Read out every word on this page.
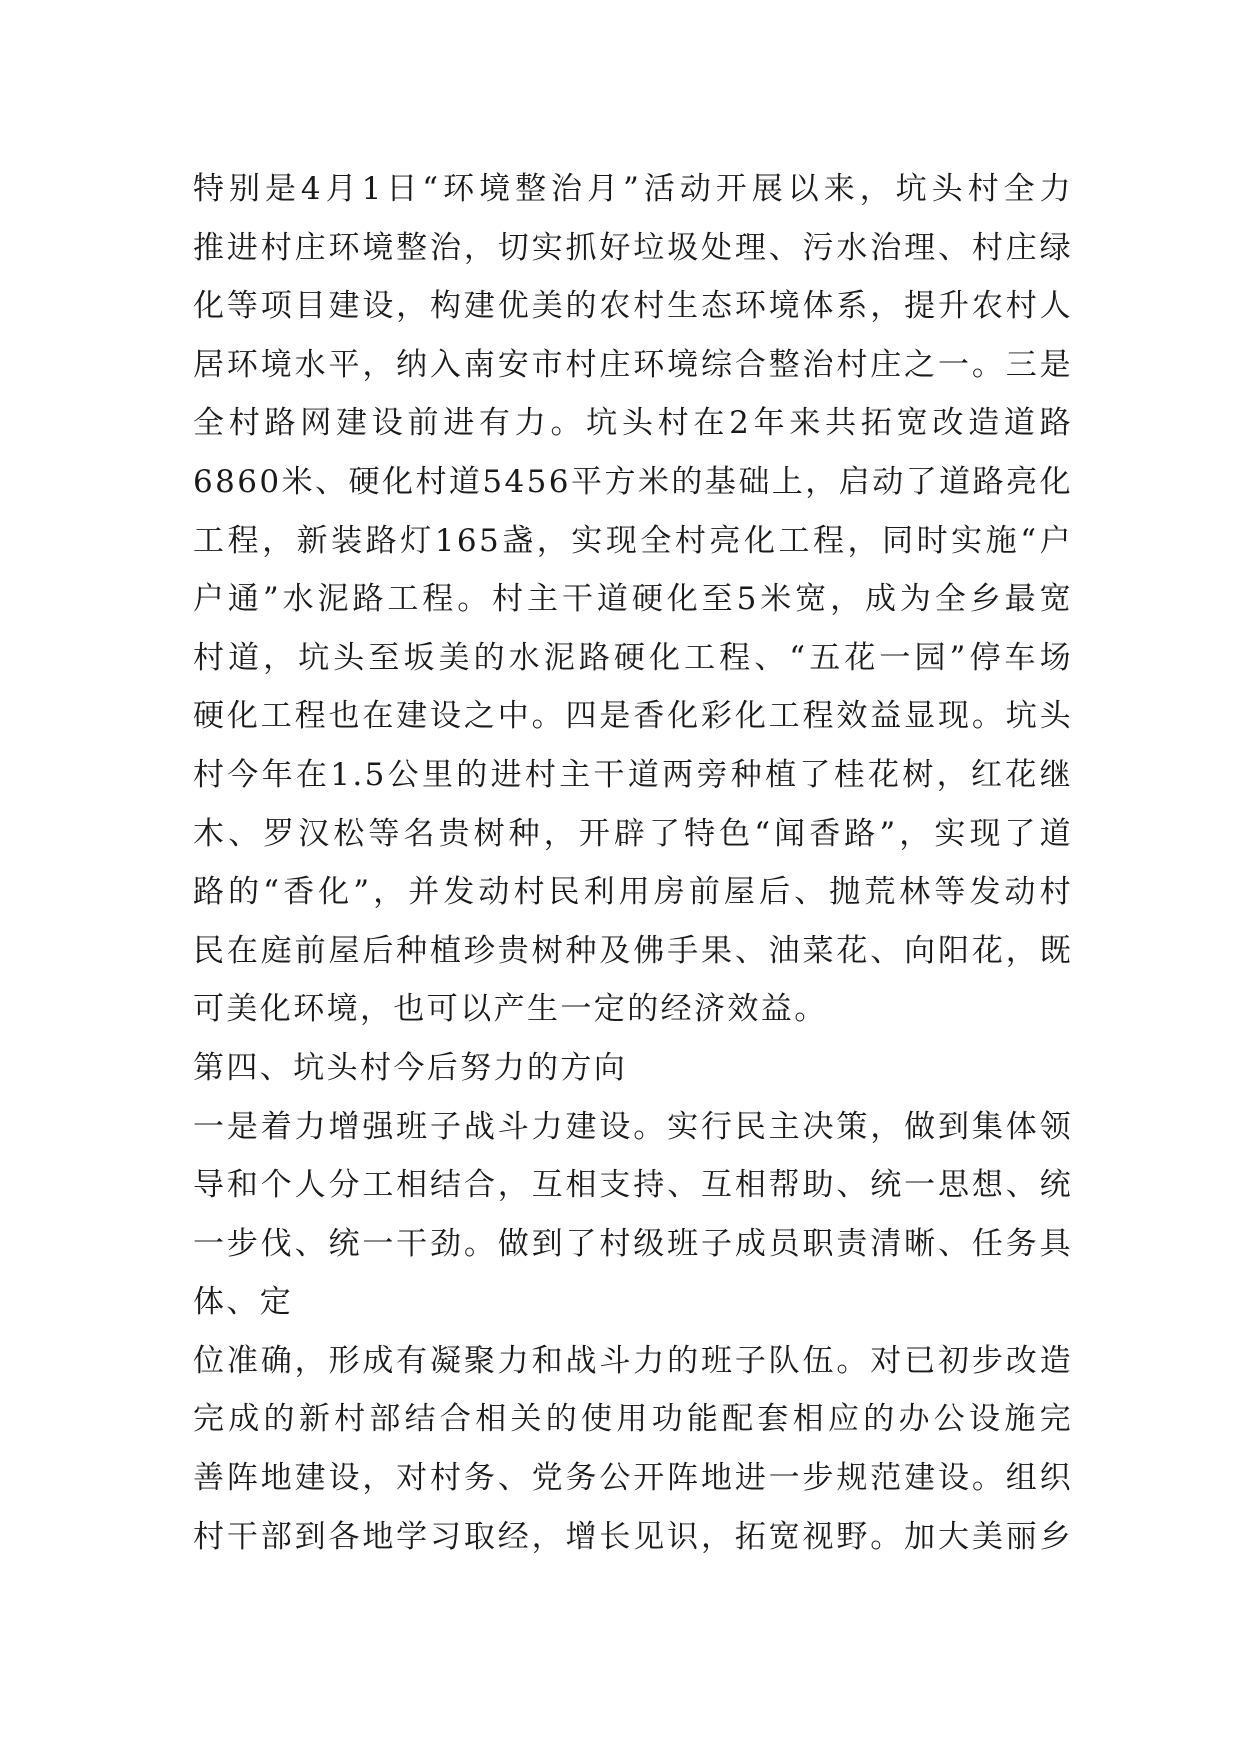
特别是4月1日“环境整治月”活动开展以来，坑头村全力
推进村庄环境整治，切实抓好垃圾处理、污水治理、村庄绿
化等项目建设，构建优美的农村生态环境体系，提升农村人
居环境水平，纳入南安市村庄环境综合整治村庄之一。三是
全村路网建设前进有力。坑头村在2年来共拓宽改造道路
6860米、硬化村道5456平方米的基础上，启动了道路亮化
工程，新装路灯165盏，实现全村亮化工程，同时实施“户
户通”水泥路工程。村主干道硬化至5米宽，成为全乡最宽
村道，坑头至坂美的水泥路硬化工程、“五花一园”停车场
硬化工程也在建设之中。四是香化彩化工程效益显现。坑头
村今年在1.5公里的进村主干道两旁种植了桂花树，红花继
木、罗汉松等名贵树种，开辟了特色“闻香路”，实现了道
路的“香化”，并发动村民利用房前屋后、抛荒林等发动村
民在庭前屋后种植珍贵树种及佛手果、油菜花、向阳花，既
可美化环境，也可以产生一定的经济效益。
第四、坑头村今后努力的方向
一是着力增强班子战斗力建设。实行民主决策，做到集体领
导和个人分工相结合，互相支持、互相帮助、统一思想、统
一步伐、统一干劲。做到了村级班子成员职责清晰、任务具
体、定
位准确，形成有凝聚力和战斗力的班子队伍。对已初步改造
完成的新村部结合相关的使用功能配套相应的办公设施完
善阵地建设，对村务、党务公开阵地进一步规范建设。组织
村干部到各地学习取经，增长见识，拓宽视野。加大美丽乡
